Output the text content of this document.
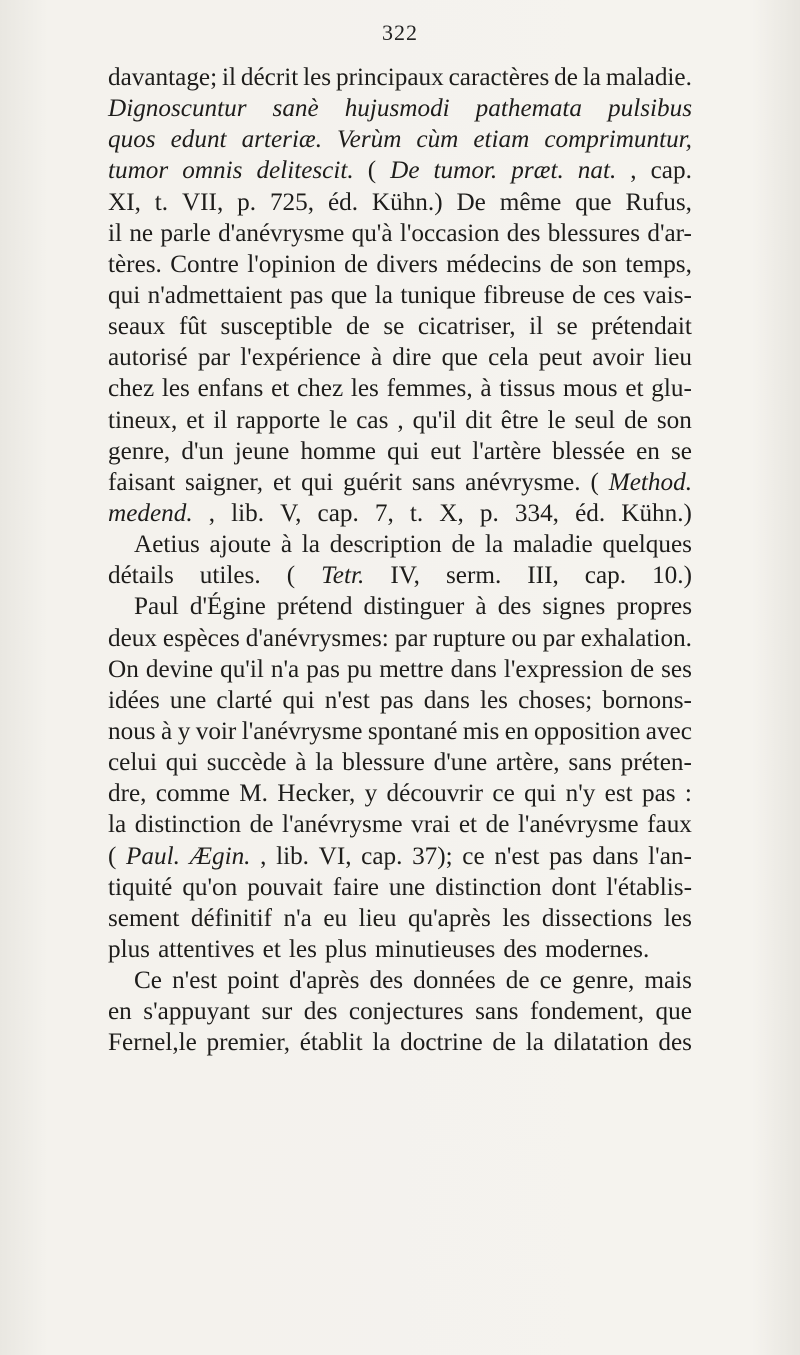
322
davantage; il décrit les principaux caractères de la maladie.
Dignoscuntur sanè hujusmodi pathemata pulsibus
quos edunt arteriæ. Verùm cùm etiam comprimuntur,
tumor omnis delitescit. ( De tumor. præt. nat. , cap.
XI, t. VII, p. 725, éd. Kühn.) De même que Rufus,
il ne parle d'anévrysme qu'à l'occasion des blessures d'ar-
tères. Contre l'opinion de divers médecins de son temps,
qui n'admettaient pas que la tunique fibreuse de ces vais-
seaux fût susceptible de se cicatriser, il se prétendait
autorisé par l'expérience à dire que cela peut avoir lieu
chez les enfans et chez les femmes, à tissus mous et glu-
tineux, et il rapporte le cas , qu'il dit être le seul de son
genre, d'un jeune homme qui eut l'artère blessée en se
faisant saigner, et qui guérit sans anévrysme. ( Method.
medend. , lib. V, cap. 7, t. X, p. 334, éd. Kühn.)
Aetius ajoute à la description de la maladie quelques
détails utiles. ( Tetr. IV, serm. III, cap. 10.)
Paul d'Égine prétend distinguer à des signes propres
deux espèces d'anévrysmes: par rupture ou par exhalation.
On devine qu'il n'a pas pu mettre dans l'expression de ses
idées une clarté qui n'est pas dans les choses; bornons-
nous à y voir l'anévrysme spontané mis en opposition avec
celui qui succède à la blessure d'une artère, sans préten-
dre, comme M. Hecker, y découvrir ce qui n'y est pas :
la distinction de l'anévrysme vrai et de l'anévrysme faux
( Paul. Ægin. , lib. VI, cap. 37); ce n'est pas dans l'an-
tiquité qu'on pouvait faire une distinction dont l'établis-
sement définitif n'a eu lieu qu'après les dissections les
plus attentives et les plus minutieuses des modernes.
Ce n'est point d'après des données de ce genre, mais
en s'appuyant sur des conjectures sans fondement, que
Fernel,le premier, établit la doctrine de la dilatation des
